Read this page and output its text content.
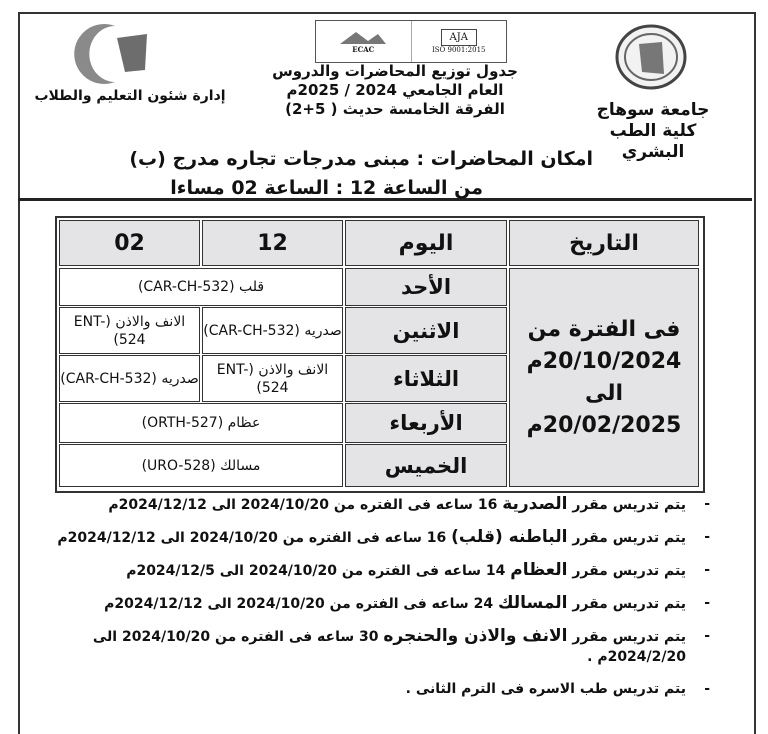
جامعة سوهاج
كلية الطب البشري
إدارة شئون التعليم والطلاب
ECAC
AJA
ISO 9001:2015
جدول توزيع المحاضرات والدروس
العام الجامعي 2024 / 2025م
الفرقة الخامسة حديث ( 5+2)
امكان المحاضرات : مبنى مدرجات تجاره مدرج (ب)
من الساعة 12 : الساعة 02 مساءا
التاريخ
اليوم
12
02
فى الفترة من
20/10/2024م
الى
20/02/2025م
الأحد
قلب (CAR-CH-532)
الاثنين
صدريه (CAR-CH-532)
الانف والاذن (ENT-524)
الثلاثاء
الانف والاذن (ENT-524)
صدريه (CAR-CH-532)
الأربعاء
عظام (ORTH-527)
الخميس
مسالك (URO-528)
-
يتم تدريس مقرر الصدرية 16 ساعه فى الفتره من 2024/10/20 الى 2024/12/12م
-
يتم تدريس مقرر الباطنه (قلب) 16 ساعه فى الفتره من 2024/10/20 الى 2024/12/12م
-
يتم تدريس مقرر العظام 14 ساعه فى الفتره من 2024/10/20 الى 2024/12/5م
-
يتم تدريس مقرر المسالك 24 ساعه فى الفتره من 2024/10/20 الى 2024/12/12م
-
يتم تدريس مقرر الانف والاذن والحنجره 30 ساعه فى الفتره من 2024/10/20 الى 2024/2/20م .
-
يتم تدريس طب الاسره فى الترم الثانى .
